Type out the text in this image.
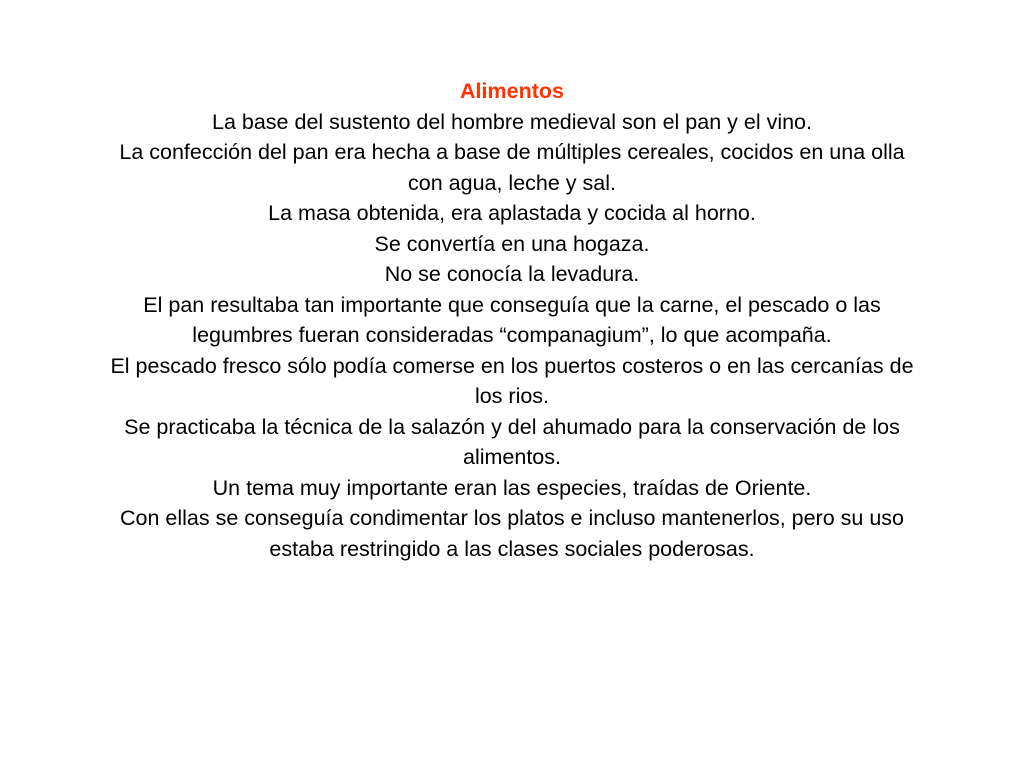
Alimentos

La base del sustento del hombre medieval son el pan y el vino.

La confección del pan era hecha a base de múltiples cereales, cocidos en una olla con agua, leche y sal.

La masa obtenida, era aplastada y cocida al horno.

Se convertía en una hogaza.

No se conocía la levadura.

El pan resultaba tan importante que conseguía que la carne, el pescado o las legumbres fueran consideradas “companagium”, lo que acompaña.

El pescado fresco sólo podía comerse en los puertos costeros o en las cercanías de los rios.

Se practicaba la técnica de la salazón y del ahumado para la conservación de los alimentos.

Un tema muy importante eran las especies, traídas de Oriente.

Con ellas se conseguía condimentar los platos e incluso mantenerlos, pero su uso estaba restringido a las clases sociales poderosas.
